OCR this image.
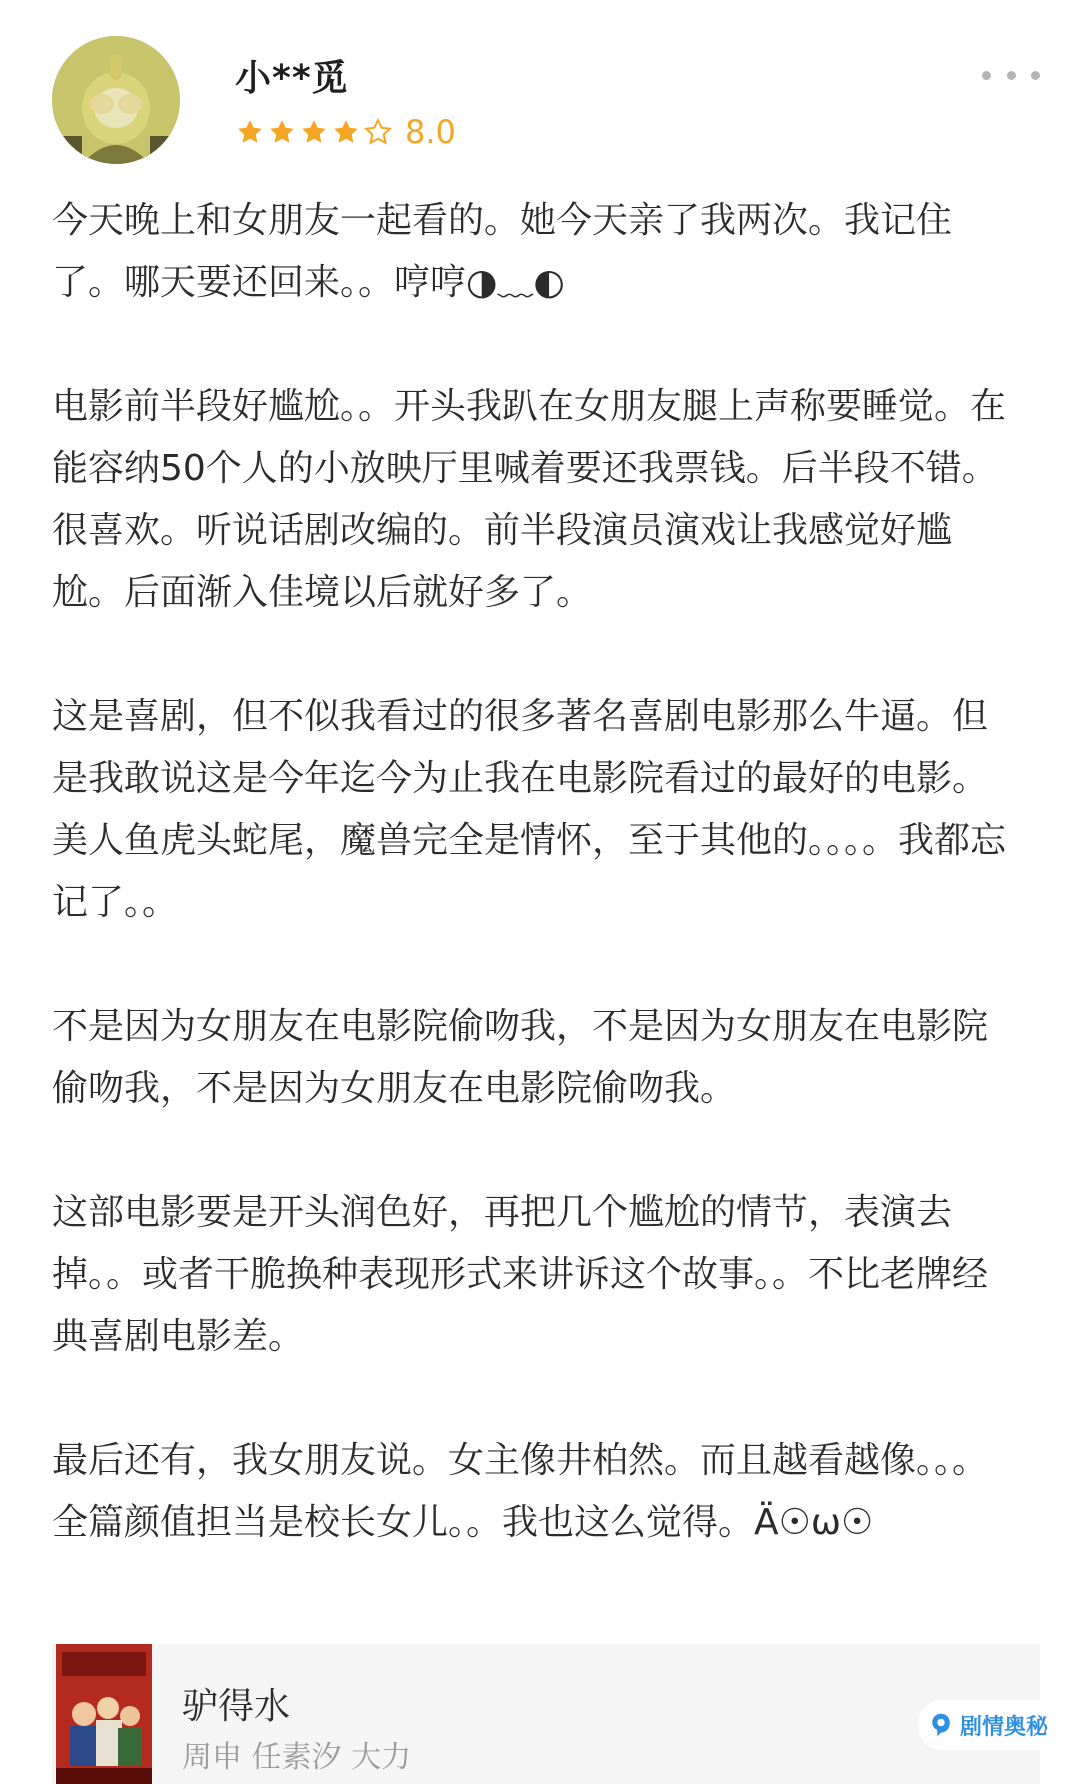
小**觅
8.0

今天晚上和女朋友一起看的。她今天亲了我两次。我记住了。哪天要还回来。。哼哼◑﹏◐

电影前半段好尴尬。。开头我趴在女朋友腿上声称要睡觉。在能容纳50个人的小放映厅里喊着要还我票钱。后半段不错。很喜欢。听说话剧改编的。前半段演员演戏让我感觉好尴尬。后面渐入佳境以后就好多了。

这是喜剧，但不似我看过的很多著名喜剧电影那么牛逼。但是我敢说这是今年迄今为止我在电影院看过的最好的电影。美人鱼虎头蛇尾，魔兽完全是情怀，至于其他的。。。。我都忘记了。。

不是因为女朋友在电影院偷吻我，不是因为女朋友在电影院偷吻我，不是因为女朋友在电影院偷吻我。

这部电影要是开头润色好，再把几个尴尬的情节，表演去掉。。或者干脆换种表现形式来讲诉这个故事。。不比老牌经典喜剧电影差。

最后还有，我女朋友说。女主像井柏然。而且越看越像。。。全篇颜值担当是校长女儿。。我也这么觉得。Ä☉ω☉

驴得水
周申 任素汐 大力
剧情奥秘
